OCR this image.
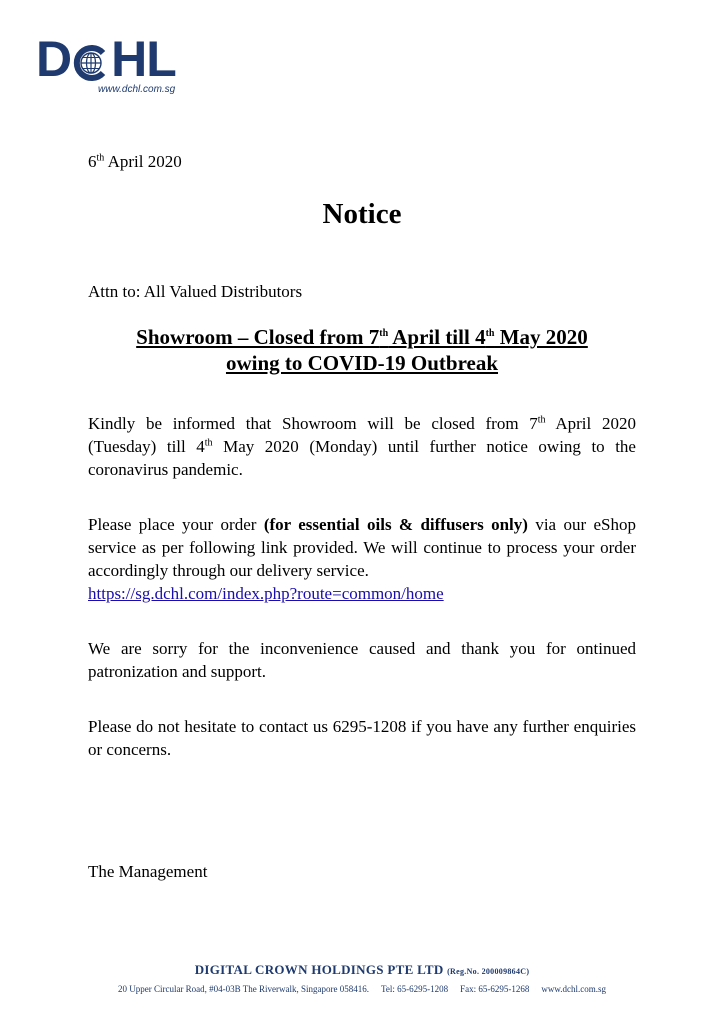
D HL
www.dchl.com.sg
6th April 2020
Notice
Attn to: All Valued Distributors
Showroom – Closed from 7th April till 4th May 2020
owing to COVID-19 Outbreak
Kindly be informed that Showroom will be closed from 7th April 2020 (Tuesday) till 4th May 2020 (Monday) until further notice owing to the coronavirus pandemic.
Please place your order (for essential oils & diffusers only) via our eShop service as per following link provided. We will continue to process your order accordingly through our delivery service.
https://sg.dchl.com/index.php?route=common/home
We are sorry for the inconvenience caused and thank you for ontinued patronization and support.
Please do not hesitate to contact us 6295-1208 if you have any further enquiries or concerns.
The Management
DIGITAL CROWN HOLDINGS PTE LTD (Reg.No. 200009864C)
20 Upper Circular Road, #04-03B The Riverwalk, Singapore 058416. Tel: 65-6295-1208 Fax: 65-6295-1268 www.dchl.com.sg
